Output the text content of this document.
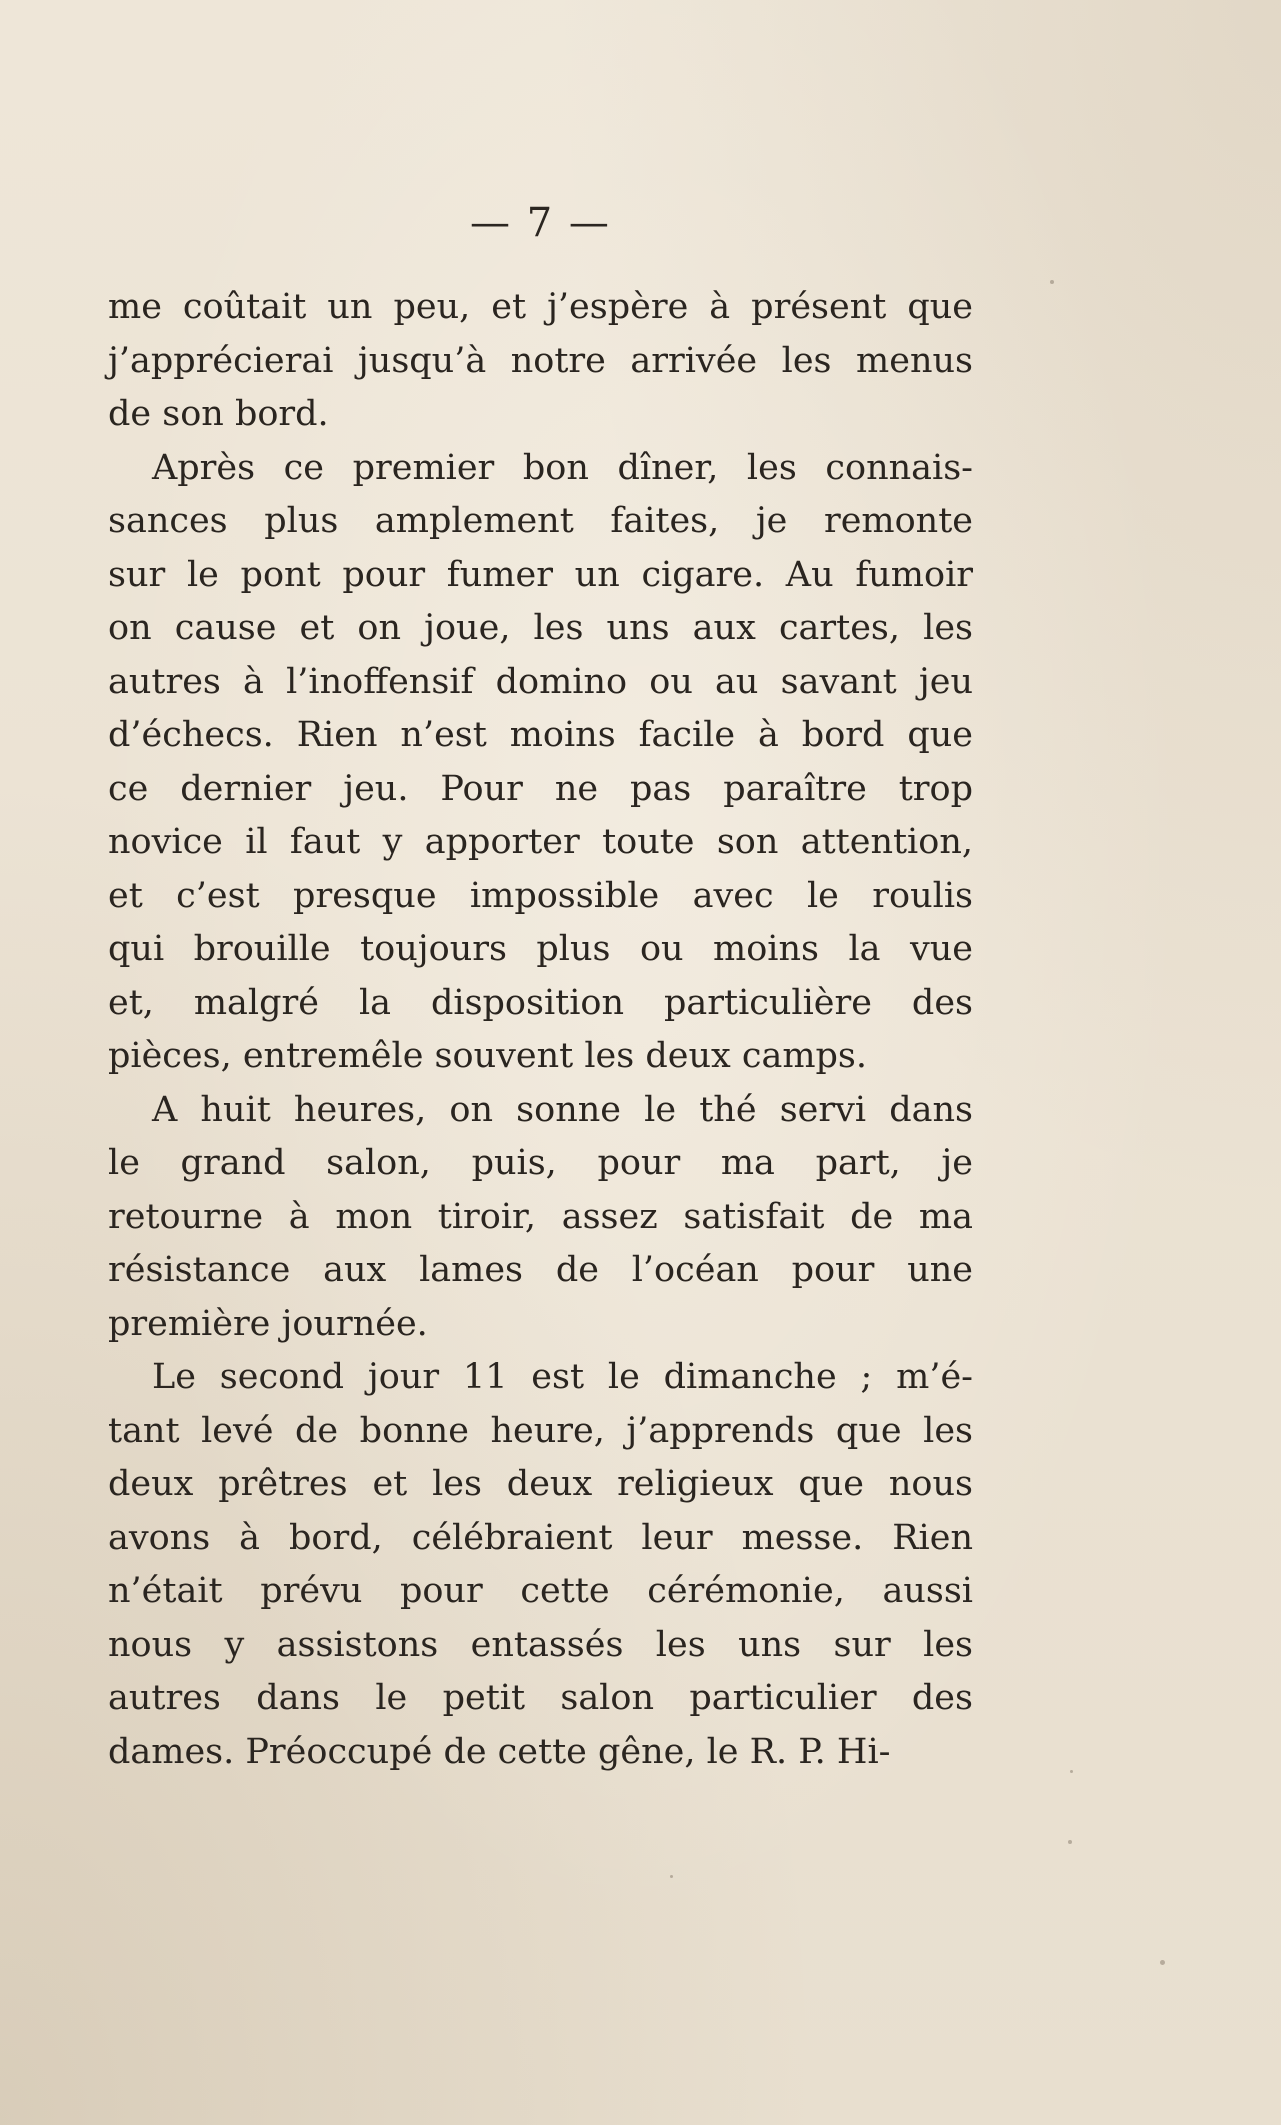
— 7 —
me coûtait un peu, et j’espère à présent que
j’apprécierai jusqu’à notre arrivée les menus
de son bord.
Après ce premier bon dîner, les connais-
sances plus amplement faites, je remonte
sur le pont pour fumer un cigare. Au fumoir
on cause et on joue, les uns aux cartes, les
autres à l’inoffensif domino ou au savant jeu
d’échecs. Rien n’est moins facile à bord que
ce dernier jeu. Pour ne pas paraître trop
novice il faut y apporter toute son attention,
et c’est presque impossible avec le roulis
qui brouille toujours plus ou moins la vue
et, malgré la disposition particulière des
pièces, entremêle souvent les deux camps.
A huit heures, on sonne le thé servi dans
le grand salon, puis, pour ma part, je
retourne à mon tiroir, assez satisfait de ma
résistance aux lames de l’océan pour une
première journée.
Le second jour 11 est le dimanche ; m’é-
tant levé de bonne heure, j’apprends que les
deux prêtres et les deux religieux que nous
avons à bord, célébraient leur messe. Rien
n’était prévu pour cette cérémonie, aussi
nous y assistons entassés les uns sur les
autres dans le petit salon particulier des
dames. Préoccupé de cette gêne, le R. P. Hi-
